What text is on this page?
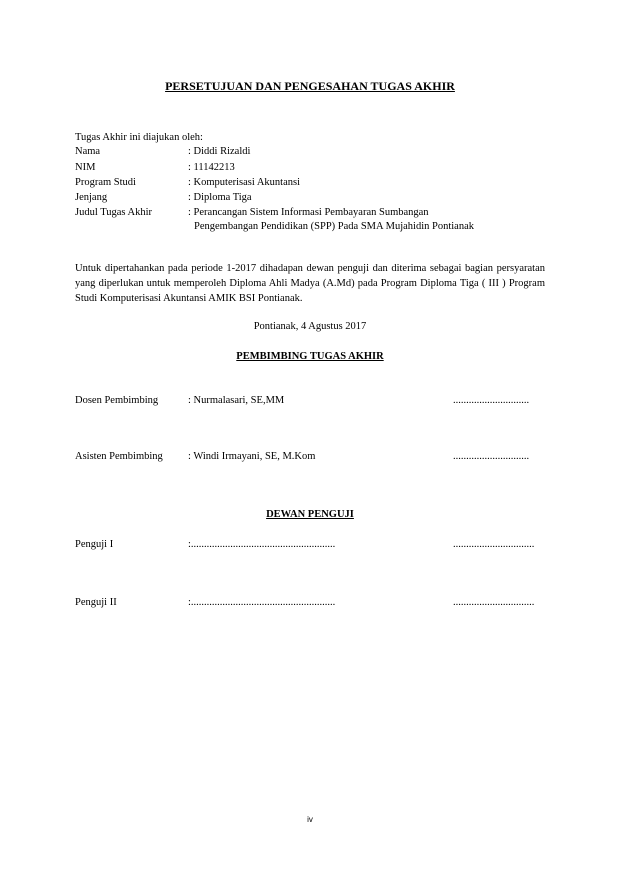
PERSETUJUAN DAN PENGESAHAN TUGAS AKHIR
Tugas Akhir ini diajukan oleh:
Nama	: Diddi Rizaldi
NIM	: 11142213
Program Studi	: Komputerisasi Akuntansi
Jenjang	: Diploma Tiga
Judul Tugas Akhir	: Perancangan Sistem Informasi Pembayaran Sumbangan
Pengembangan Pendidikan (SPP) Pada SMA Mujahidin Pontianak
Untuk dipertahankan pada periode 1-2017 dihadapan dewan penguji dan diterima sebagai bagian persyaratan yang diperlukan untuk memperoleh Diploma Ahli Madya (A.Md) pada Program Diploma Tiga ( III ) Program Studi Komputerisasi Akuntansi AMIK BSI Pontianak.
Pontianak, 4 Agustus 2017
PEMBIMBING TUGAS AKHIR
Dosen Pembimbing	: Nurmalasari, SE,MM	.............................
Asisten Pembimbing : Windi Irmayani, SE, M.Kom	.............................
DEWAN PENGUJI
Penguji I	:.......................................................	...............................
Penguji II	:.......................................................	...............................
iv
